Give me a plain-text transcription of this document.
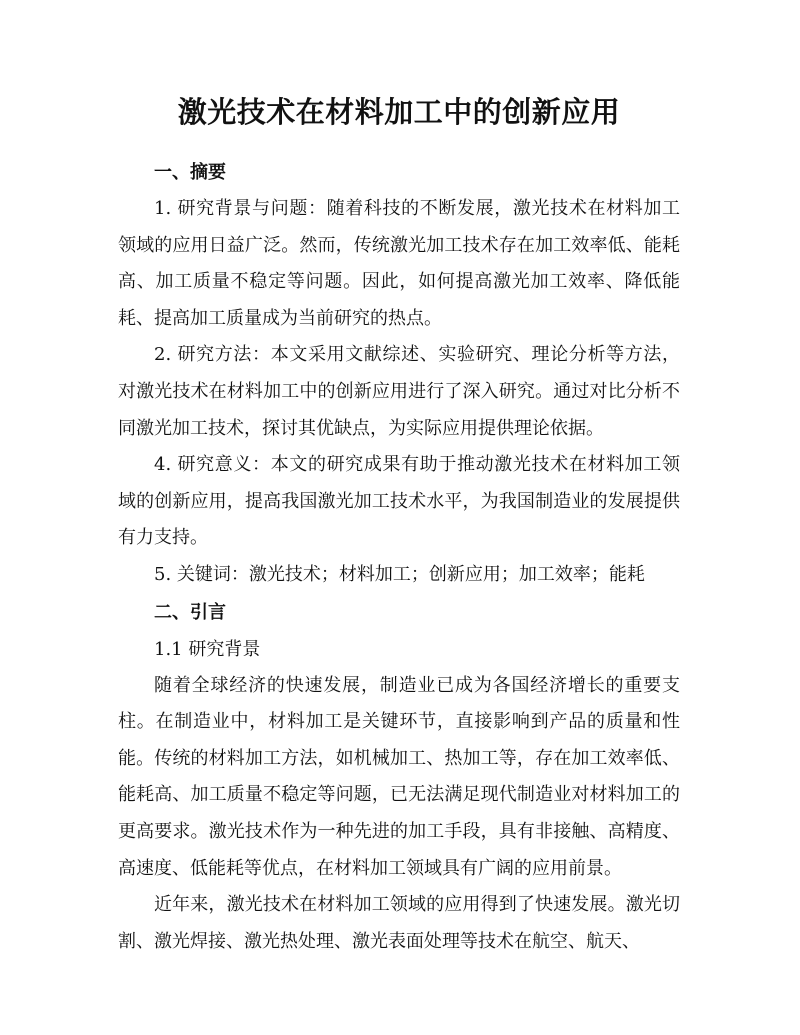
激光技术在材料加工中的创新应用
一、摘要

1. 研究背景与问题：随着科技的不断发展，激光技术在材料加工领域的应用日益广泛。然而，传统激光加工技术存在加工效率低、能耗高、加工质量不稳定等问题。因此，如何提高激光加工效率、降低能耗、提高加工质量成为当前研究的热点。

2. 研究方法：本文采用文献综述、实验研究、理论分析等方法，对激光技术在材料加工中的创新应用进行了深入研究。通过对比分析不同激光加工技术，探讨其优缺点，为实际应用提供理论依据。

4. 研究意义：本文的研究成果有助于推动激光技术在材料加工领域的创新应用，提高我国激光加工技术水平，为我国制造业的发展提供有力支持。

5. 关键词：激光技术；材料加工；创新应用；加工效率；能耗

二、引言
1.1 研究背景

随着全球经济的快速发展，制造业已成为各国经济增长的重要支柱。在制造业中，材料加工是关键环节，直接影响到产品的质量和性能。传统的材料加工方法，如机械加工、热加工等，存在加工效率低、能耗高、加工质量不稳定等问题，已无法满足现代制造业对材料加工的更高要求。激光技术作为一种先进的加工手段，具有非接触、高精度、高速度、低能耗等优点，在材料加工领域具有广阔的应用前景。

近年来，激光技术在材料加工领域的应用得到了快速发展。激光切割、激光焊接、激光热处理、激光表面处理等技术在航空、航天、
